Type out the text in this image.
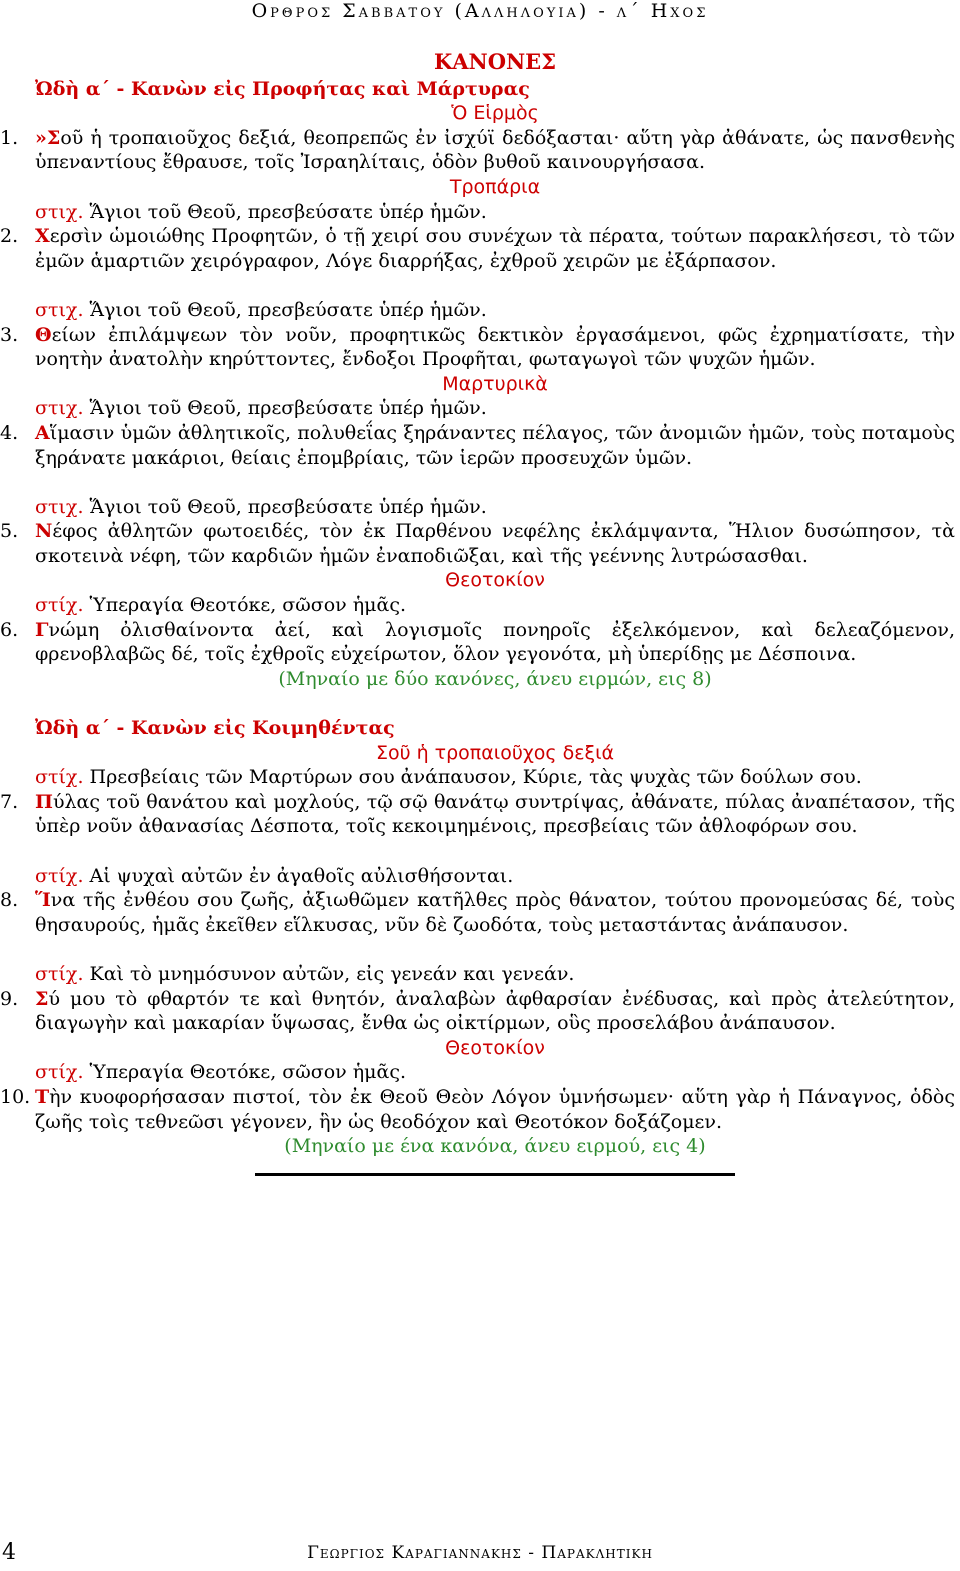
Ορθρος Σαββατου (Αλληλουια) - λ΄ Ηχος
ΚΑΝΟΝΕΣ
Ὠδὴ α΄ - Κανὼν εἰς Προφήτας καὶ Μάρτυρας
Ὁ Εἱρμὸς
1. »Σοῦ ἡ τροπαιοῦχος δεξιά, θεοπρεπῶς ἐν ἰσχύϊ δεδόξασται· αὕτη γὰρ ἀθάνατε, ὡς πανσθενὴς ὑπεναντίους ἔθραυσε, τοῖς Ἰσραηλίταις, ὁδὸν βυθοῦ καινουργήσασα.
Τροπάρια
στιχ. Ἅγιοι τοῦ Θεοῦ, πρεσβεύσατε ὑπέρ ἡμῶν.
2. Χερσὶν ὡμοιώθης Προφητῶν, ὁ τῇ χειρί σου συνέχων τὰ πέρατα, τούτων παρακλήσεσι, τὸ τῶν ἐμῶν ἁμαρτιῶν χειρόγραφον, Λόγε διαρρήξας, ἐχθροῦ χειρῶν με ἐξάρπασον.
στιχ. Ἅγιοι τοῦ Θεοῦ, πρεσβεύσατε ὑπέρ ἡμῶν.
3. Θείων ἐπιλάμψεων τὸν νοῦν, προφητικῶς δεκτικὸν ἐργασάμενοι, φῶς ἐχρηματίσατε, τὴν νοητὴν ἀνατολὴν κηρύττοντες, ἔνδοξοι Προφῆται, φωταγωγοὶ τῶν ψυχῶν ἡμῶν.
Μαρτυρικὰ
στιχ. Ἅγιοι τοῦ Θεοῦ, πρεσβεύσατε ὑπέρ ἡμῶν.
4. Αἵμασιν ὑμῶν ἀθλητικοῖς, πολυθεΐας ξηράναντες πέλαγος, τῶν ἀνομιῶν ἡμῶν, τοὺς ποταμοὺς ξηράνατε μακάριοι, θείαις ἐπομβρίαις, τῶν ἱερῶν προσευχῶν ὑμῶν.
στιχ. Ἅγιοι τοῦ Θεοῦ, πρεσβεύσατε ὑπέρ ἡμῶν.
5. Νέφος ἀθλητῶν φωτοειδές, τὸν ἐκ Παρθένου νεφέλης ἐκλάμψαντα, Ἥλιον δυσώπησον, τὰ σκοτεινὰ νέφη, τῶν καρδιῶν ἡμῶν ἐναποδιῶξαι, καὶ τῆς γεέννης λυτρώσασθαι.
Θεοτοκίον
στίχ. Ὑπεραγία Θεοτόκε, σῶσον ἡμᾶς.
6. Γνώμη ὀλισθαίνοντα ἀεί, καὶ λογισμοῖς πονηροῖς ἐξελκόμενον, καὶ δελεαζόμενον, φρενοβλαβῶς δέ, τοῖς ἐχθροῖς εὐχείρωτον, ὅλον γεγονότα, μὴ ὑπερίδῃς με Δέσποινα.
(Μηναίο με δύο κανόνες, άνευ ειρμών, εις 8)
Ὠδὴ α΄ - Κανὼν εἰς Κοιμηθέντας
Σοῦ ἡ τροπαιοῦχος δεξιά
στίχ. Πρεσβείαις τῶν Μαρτύρων σου ἀνάπαυσον, Κύριε, τὰς ψυχὰς τῶν δούλων σου.
7. Πύλας τοῦ θανάτου καὶ μοχλούς, τῷ σῷ θανάτῳ συντρίψας, ἀθάνατε, πύλας ἀναπέτασον, τῆς ὑπὲρ νοῦν ἀθανασίας Δέσποτα, τοῖς κεκοιμημένοις, πρεσβείαις τῶν ἀθλοφόρων σου.
στίχ. Αἱ ψυχαὶ αὐτῶν ἐν ἀγαθοῖς αὐλισθήσονται.
8. Ἵνα τῆς ἐνθέου σου ζωῆς, ἀξιωθῶμεν κατῆλθες πρὸς θάνατον, τούτου προνομεύσας δέ, τοὺς θησαυρούς, ἡμᾶς ἐκεῖθεν εἵλκυσας, νῦν δὲ ζωοδότα, τοὺς μεταστάντας ἀνάπαυσον.
στίχ. Καὶ τὸ μνημόσυνον αὐτῶν, εἰς γενεάν και γενεάν.
9. Σύ μου τὸ φθαρτόν τε καὶ θνητόν, ἀναλαβὼν ἀφθαρσίαν ἐνέδυσας, καὶ πρὸς ἀτελεύτητον, διαγωγὴν καὶ μακαρίαν ὕψωσας, ἔνθα ὡς οἰκτίρμων, οὓς προσελάβου ἀνάπαυσον.
Θεοτοκίον
στίχ. Ὑπεραγία Θεοτόκε, σῶσον ἡμᾶς.
10. Τὴν κυοφορήσασαν πιστοί, τὸν ἐκ Θεοῦ Θεὸν Λόγον ὑμνήσωμεν· αὕτη γὰρ ἡ Πάναγνος, ὁδὸς ζωῆς τοὶς τεθνεῶσι γέγονεν, ἣν ὡς θεοδόχον καὶ Θεοτόκον δοξάζομεν.
(Μηναίο με ένα κανόνα, άνευ ειρμού, εις 4)
4	Γεωργιος Καραγιαννακης - Παρακλητικη
